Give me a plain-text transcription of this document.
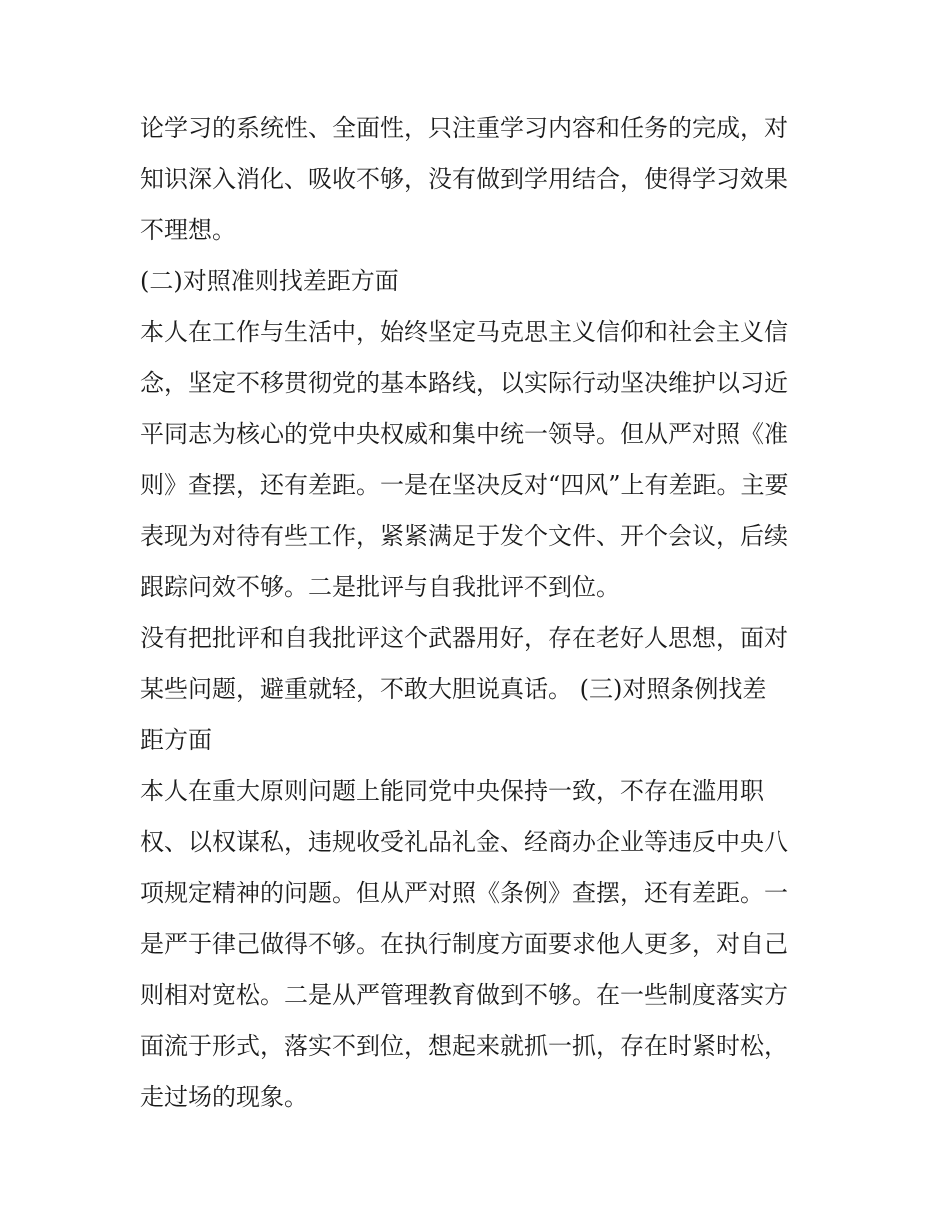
论学习的系统性、全面性，只注重学习内容和任务的完成，对
知识深入消化、吸收不够，没有做到学用结合，使得学习效果
不理想。
(二)对照准则找差距方面
本人在工作与生活中，始终坚定马克思主义信仰和社会主义信
念，坚定不移贯彻党的基本路线，以实际行动坚决维护以习近
平同志为核心的党中央权威和集中统一领导。但从严对照《准
则》查摆，还有差距。一是在坚决反对“四风”上有差距。主要
表现为对待有些工作，紧紧满足于发个文件、开个会议，后续
跟踪问效不够。二是批评与自我批评不到位。
没有把批评和自我批评这个武器用好，存在老好人思想，面对
某些问题，避重就轻，不敢大胆说真话。 (三)对照条例找差
距方面
本人在重大原则问题上能同党中央保持一致，不存在滥用职
权、以权谋私，违规收受礼品礼金、经商办企业等违反中央八
项规定精神的问题。但从严对照《条例》查摆，还有差距。一
是严于律己做得不够。在执行制度方面要求他人更多，对自己
则相对宽松。二是从严管理教育做到不够。在一些制度落实方
面流于形式，落实不到位，想起来就抓一抓，存在时紧时松，
走过场的现象。
